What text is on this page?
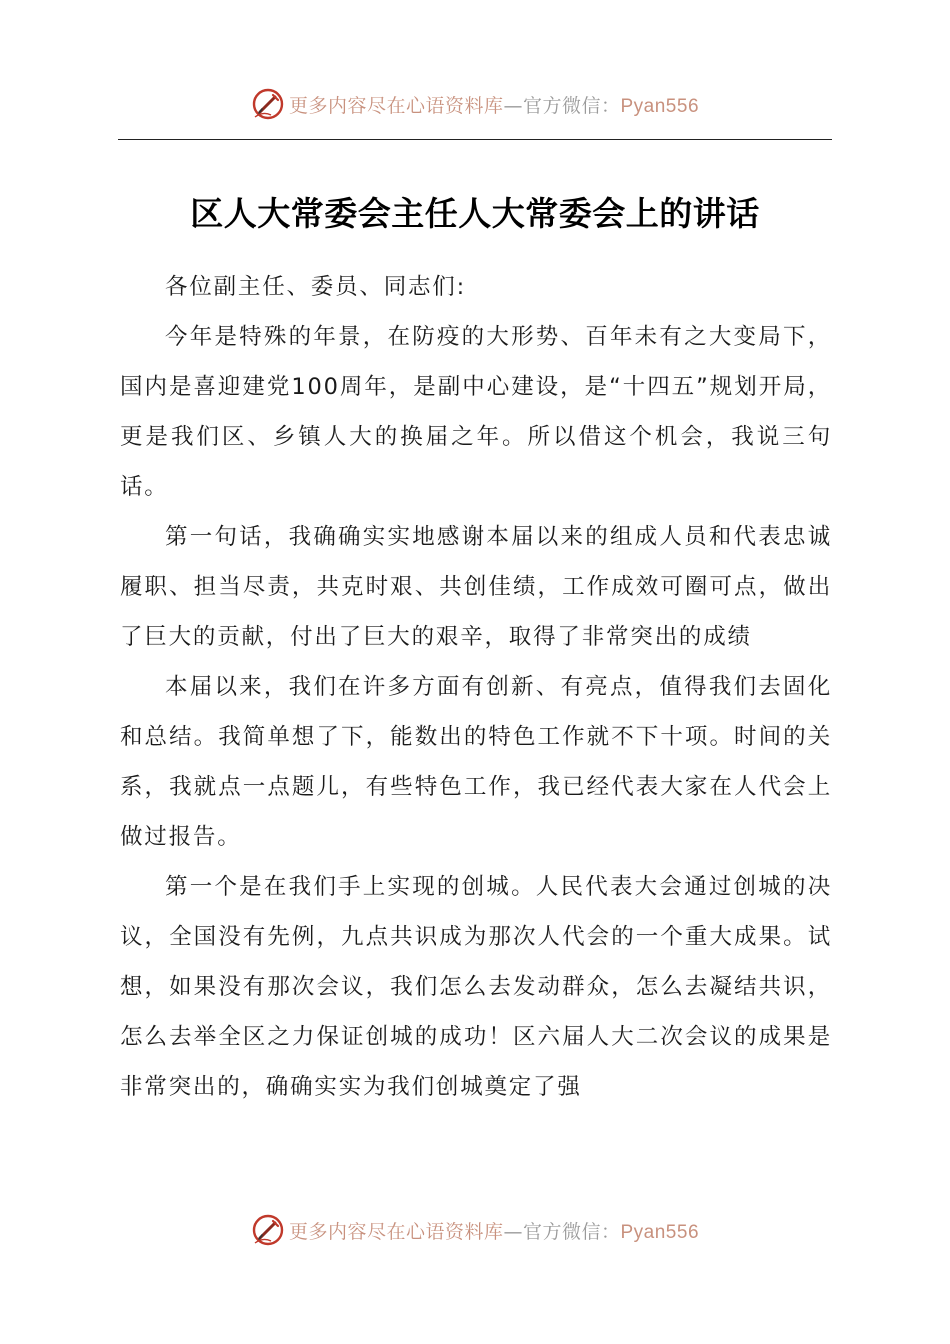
更多内容尽在心语资料库—官方微信：Pyan556
区人大常委会主任人大常委会上的讲话

各位副主任、委员、同志们:

今年是特殊的年景，在防疫的大形势、百年未有之大变局下，国内是喜迎建党100周年，是副中心建设，是“十四五”规划开局，更是我们区、乡镇人大的换届之年。所以借这个机会，我说三句话。

第一句话，我确确实实地感谢本届以来的组成人员和代表忠诚履职、担当尽责，共克时艰、共创佳绩，工作成效可圈可点，做出了巨大的贡献，付出了巨大的艰辛，取得了非常突出的成绩

本届以来，我们在许多方面有创新、有亮点，值得我们去固化和总结。我简单想了下，能数出的特色工作就不下十项。时间的关系，我就点一点题儿，有些特色工作，我已经代表大家在人代会上做过报告。

第一个是在我们手上实现的创城。人民代表大会通过创城的决议，全国没有先例，九点共识成为那次人代会的一个重大成果。试想，如果没有那次会议，我们怎么去发动群众，怎么去凝结共识，怎么去举全区之力保证创城的成功！区六届人大二次会议的成果是非常突出的，确确实实为我们创城奠定了强

更多内容尽在心语资料库—官方微信：Pyan556
